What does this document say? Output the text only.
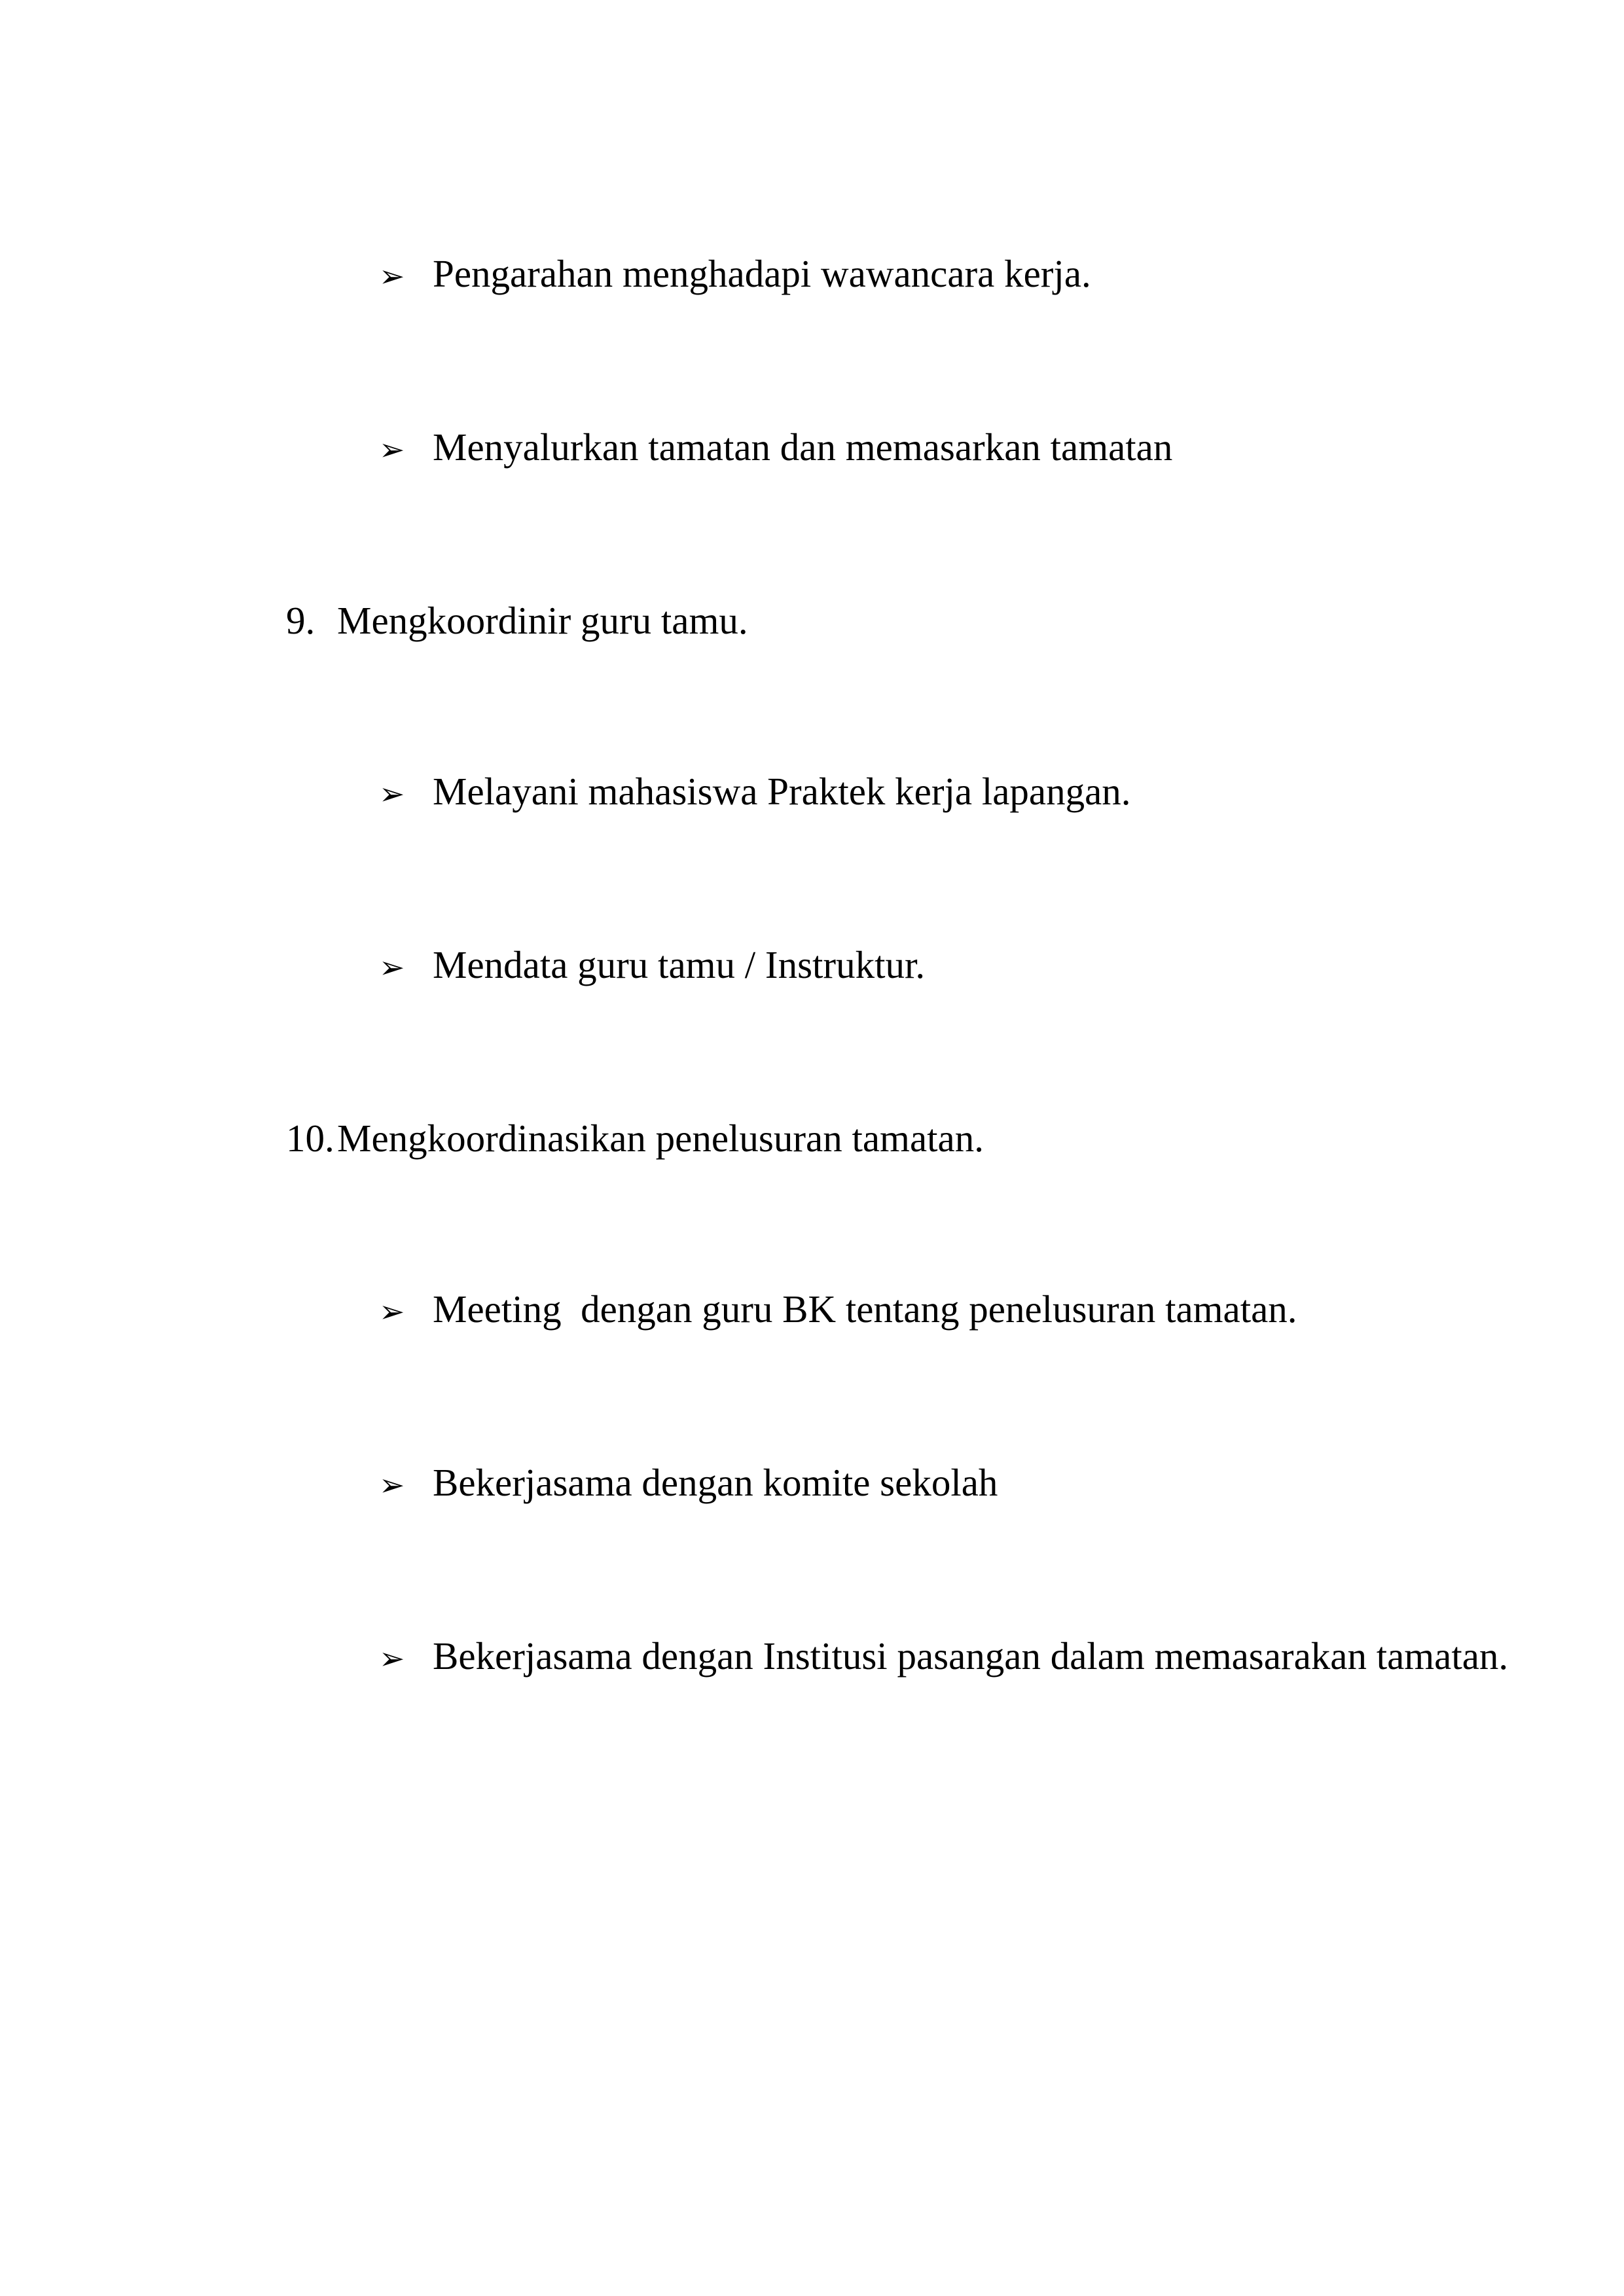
➢ Pengarahan menghadapi wawancara kerja.

➢ Menyalurkan tamatan dan memasarkan tamatan

9. Mengkoordinir guru tamu.

➢ Melayani mahasiswa Praktek kerja lapangan.

➢ Mendata guru tamu / Instruktur.

10.Mengkoordinasikan penelusuran tamatan.

➢ Meeting  dengan guru BK tentang penelusuran tamatan.

➢ Bekerjasama dengan komite sekolah

➢ Bekerjasama dengan Institusi pasangan dalam memasarakan tamatan.
